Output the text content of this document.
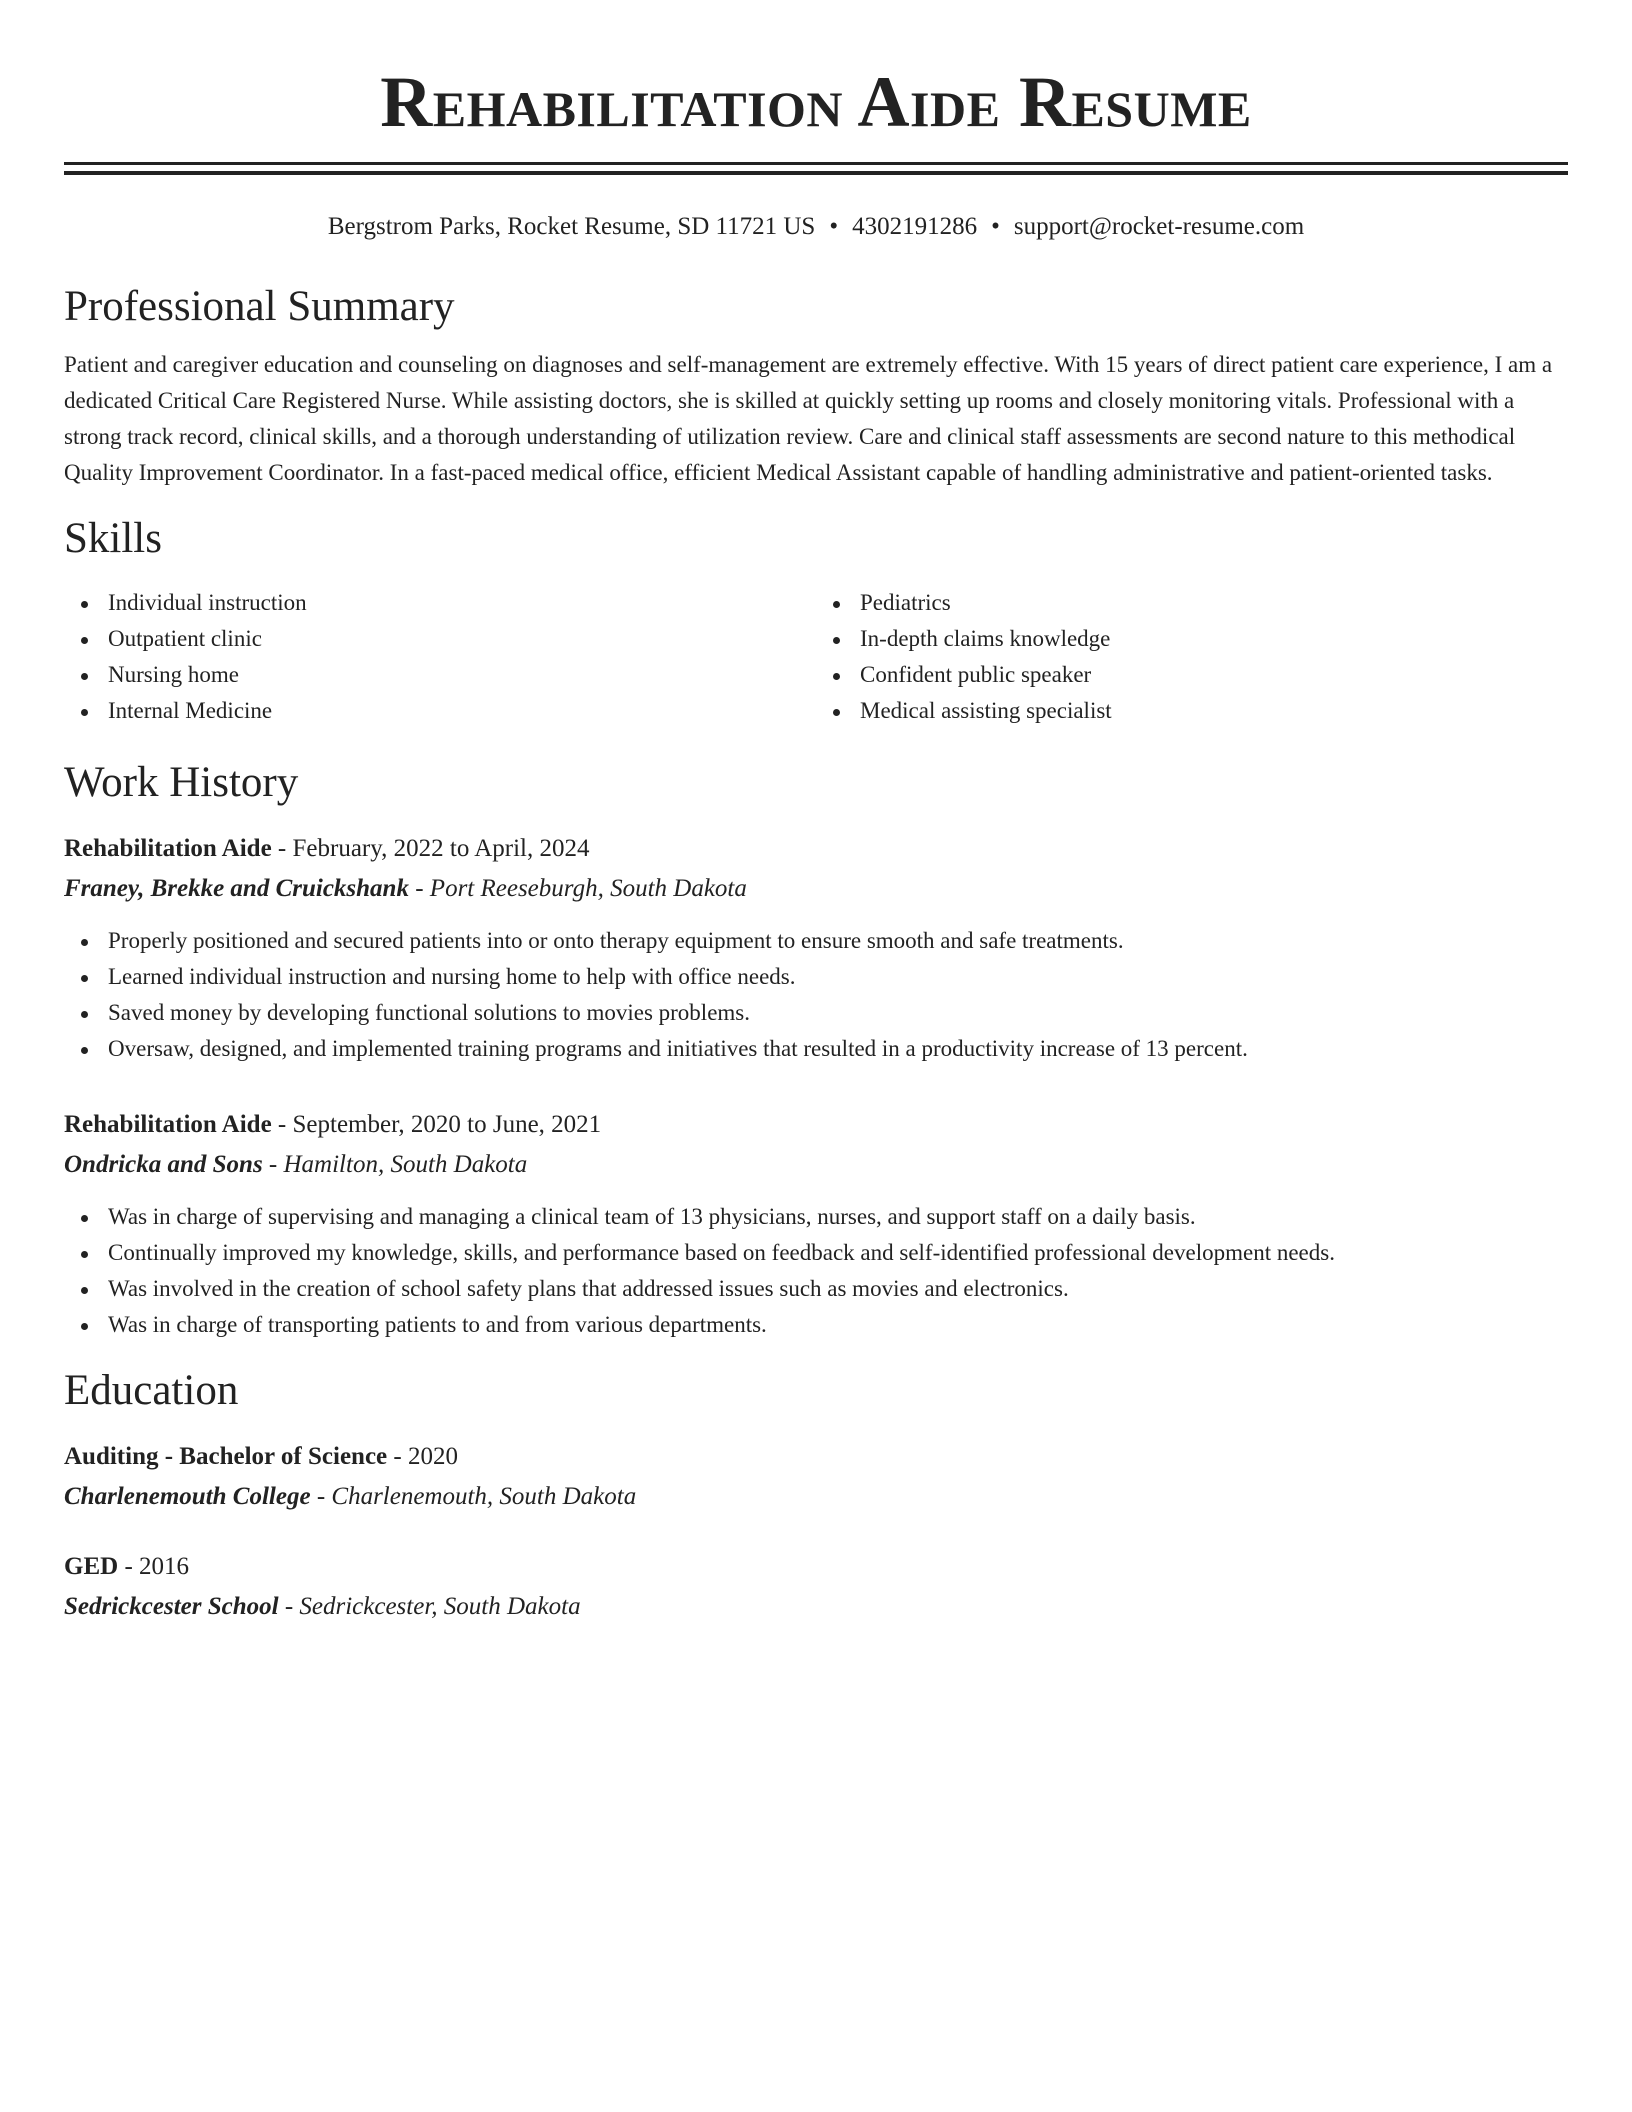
Rehabilitation Aide Resume
Bergstrom Parks, Rocket Resume, SD 11721 US • 4302191286 • support@rocket-resume.com
Professional Summary

Patient and caregiver education and counseling on diagnoses and self-management are extremely effective. With 15 years of direct patient care experience, I am a dedicated Critical Care Registered Nurse. While assisting doctors, she is skilled at quickly setting up rooms and closely monitoring vitals. Professional with a strong track record, clinical skills, and a thorough understanding of utilization review. Care and clinical staff assessments are second nature to this methodical Quality Improvement Coordinator. In a fast-paced medical office, efficient Medical Assistant capable of handling administrative and patient-oriented tasks.

Skills
Individual instruction
Outpatient clinic
Nursing home
Internal Medicine
Pediatrics
In-depth claims knowledge
Confident public speaker
Medical assisting specialist
Work History
Rehabilitation Aide - February, 2022 to April, 2024
Franey, Brekke and Cruickshank - Port Reeseburgh, South Dakota
Properly positioned and secured patients into or onto therapy equipment to ensure smooth and safe treatments.
Learned individual instruction and nursing home to help with office needs.
Saved money by developing functional solutions to movies problems.
Oversaw, designed, and implemented training programs and initiatives that resulted in a productivity increase of 13 percent.
Rehabilitation Aide - September, 2020 to June, 2021
Ondricka and Sons - Hamilton, South Dakota
Was in charge of supervising and managing a clinical team of 13 physicians, nurses, and support staff on a daily basis.
Continually improved my knowledge, skills, and performance based on feedback and self-identified professional development needs.
Was involved in the creation of school safety plans that addressed issues such as movies and electronics.
Was in charge of transporting patients to and from various departments.
Education
Auditing - Bachelor of Science - 2020
Charlenemouth College - Charlenemouth, South Dakota
GED - 2016
Sedrickcester School - Sedrickcester, South Dakota
